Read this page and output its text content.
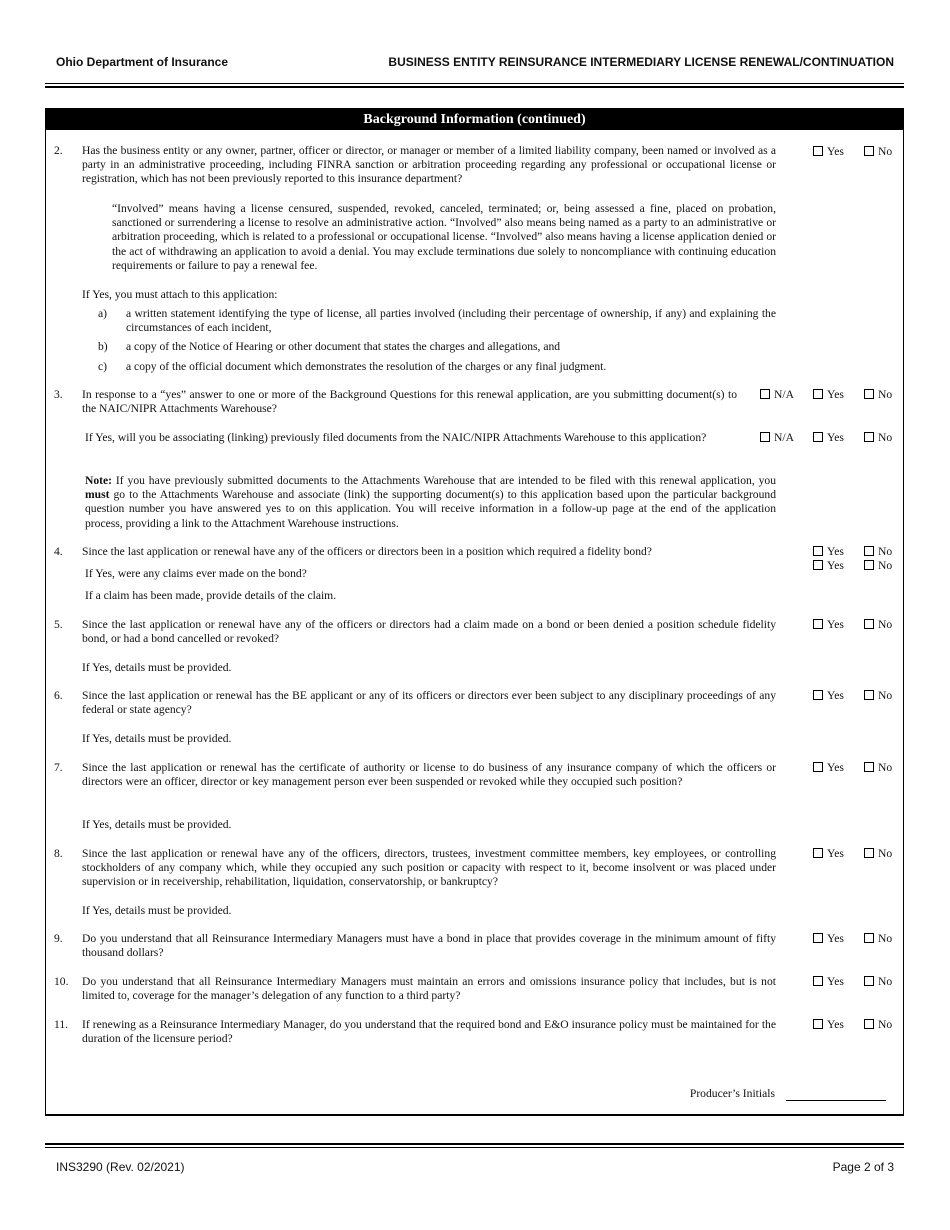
Ohio Department of Insurance	BUSINESS ENTITY REINSURANCE INTERMEDIARY LICENSE RENEWAL/CONTINUATION
Background Information (continued)
2. Has the business entity or any owner, partner, officer or director, or manager or member of a limited liability company, been named or involved as a party in an administrative proceeding, including FINRA sanction or arbitration proceeding regarding any professional or occupational license or registration, which has not been previously reported to this insurance department?
Yes	No
“Involved” means having a license censured, suspended, revoked, canceled, terminated; or, being assessed a fine, placed on probation, sanctioned or surrendering a license to resolve an administrative action. “Involved” also means being named as a party to an administrative or arbitration proceeding, which is related to a professional or occupational license. “Involved” also means having a license application denied or the act of withdrawing an application to avoid a denial. You may exclude terminations due solely to noncompliance with continuing education requirements or failure to pay a renewal fee.
If Yes, you must attach to this application:
a) a written statement identifying the type of license, all parties involved (including their percentage of ownership, if any) and explaining the circumstances of each incident,
b) a copy of the Notice of Hearing or other document that states the charges and allegations, and
c) a copy of the official document which demonstrates the resolution of the charges or any final judgment.
3. In response to a “yes” answer to one or more of the Background Questions for this renewal application, are you submitting document(s) to the NAIC/NIPR Attachments Warehouse?
N/A	Yes	No
If Yes, will you be associating (linking) previously filed documents from the NAIC/NIPR Attachments Warehouse to this application?	N/A	Yes	No
Note: If you have previously submitted documents to the Attachments Warehouse that are intended to be filed with this renewal application, you must go to the Attachments Warehouse and associate (link) the supporting document(s) to this application based upon the particular background question number you have answered yes to on this application. You will receive information in a follow-up page at the end of the application process, providing a link to the Attachment Warehouse instructions.
4. Since the last application or renewal have any of the officers or directors been in a position which required a fidelity bond?	Yes	No
Yes	No
If Yes, were any claims ever made on the bond?
If a claim has been made, provide details of the claim.
5. Since the last application or renewal have any of the officers or directors had a claim made on a bond or been denied a position schedule fidelity bond, or had a bond cancelled or revoked?
Yes	No
If Yes, details must be provided.
6. Since the last application or renewal has the BE applicant or any of its officers or directors ever been subject to any disciplinary proceedings of any federal or state agency?
Yes	No
If Yes, details must be provided.
7. Since the last application or renewal has the certificate of authority or license to do business of any insurance company of which the officers or directors were an officer, director or key management person ever been suspended or revoked while they occupied such position?
Yes	No
If Yes, details must be provided.
8. Since the last application or renewal have any of the officers, directors, trustees, investment committee members, key employees, or controlling stockholders of any company which, while they occupied any such position or capacity with respect to it, become insolvent or was placed under supervision or in receivership, rehabilitation, liquidation, conservatorship, or bankruptcy?
Yes	No
If Yes, details must be provided.
9. Do you understand that all Reinsurance Intermediary Managers must have a bond in place that provides coverage in the minimum amount of fifty thousand dollars?
Yes	No
10. Do you understand that all Reinsurance Intermediary Managers must maintain an errors and omissions insurance policy that includes, but is not limited to, coverage for the manager’s delegation of any function to a third party?
Yes	No
11. If renewing as a Reinsurance Intermediary Manager, do you understand that the required bond and E&O insurance policy must be maintained for the duration of the licensure period?
Yes	No
Producer’s Initials
INS3290 (Rev. 02/2021)	Page 2 of 3
